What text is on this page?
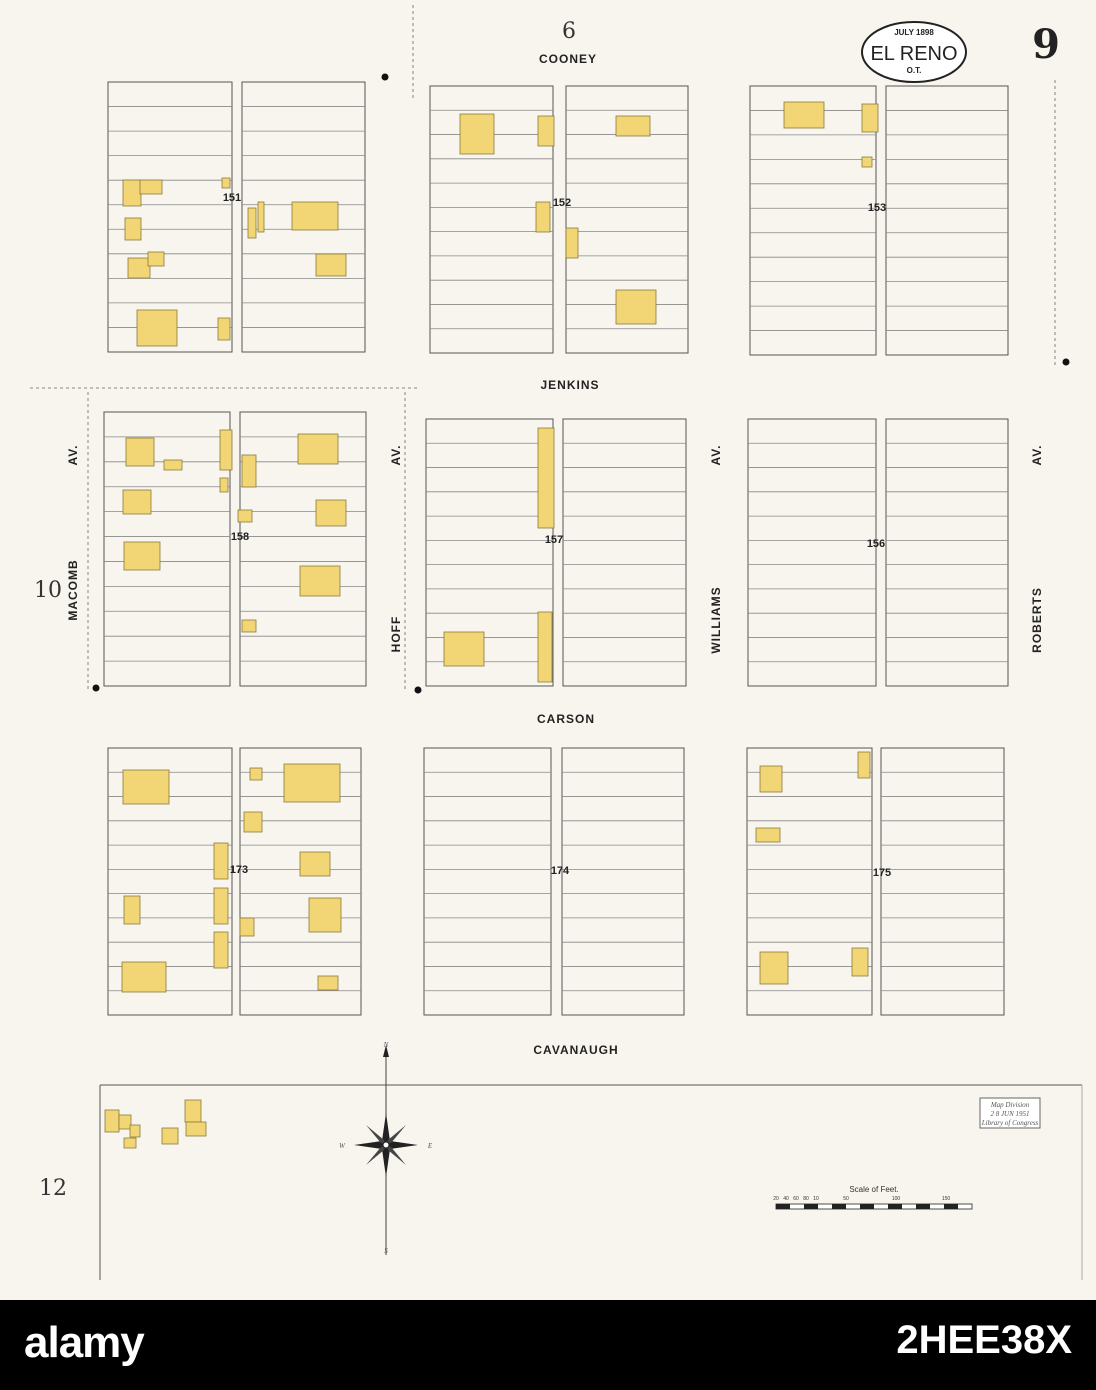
151	152	153
158	157	156
173	174	175
COONEY
JENKINS
CARSON
CAVANAUGH
MACOMB
AV.
HOFF
AV.
WILLIAMS
AV.
ROBERTS
AV.
6
10
12
9
JULY 1898
EL RENO
O.T.
N
S
E
W
Map Division
2 8 JUN 1951
Library of Congress
Scale of Feet.
20 40 60 80 10	50	100	150
alamy	2HEE38X
